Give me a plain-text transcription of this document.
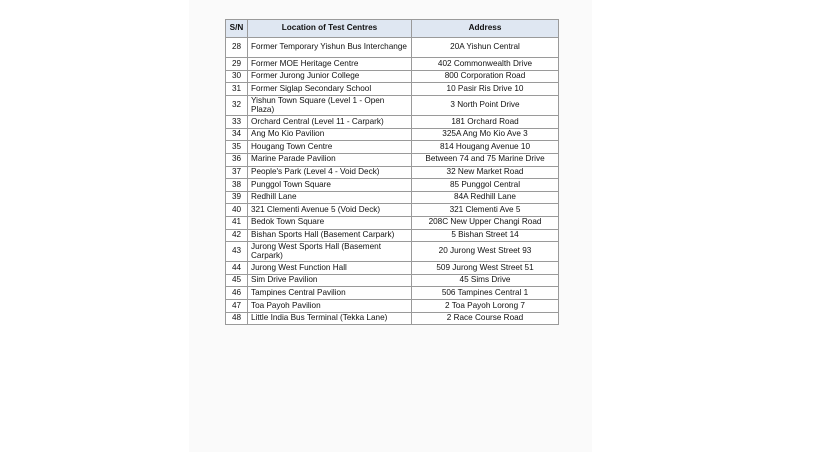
S/N	Location of Test Centres	Address
28	Former Temporary Yishun Bus Interchange	20A Yishun Central
29	Former MOE Heritage Centre	402 Commonwealth Drive
30	Former Jurong Junior College	800 Corporation Road
31	Former Siglap Secondary School	10 Pasir Ris Drive 10
32	Yishun Town Square (Level 1 - Open Plaza)	3 North Point Drive
33	Orchard Central (Level 11 - Carpark)	181 Orchard Road
34	Ang Mo Kio Pavilion	325A Ang Mo Kio Ave 3
35	Hougang Town Centre	814 Hougang Avenue 10
36	Marine Parade Pavilion	Between 74 and 75 Marine Drive
37	People's Park (Level 4 - Void Deck)	32 New Market Road
38	Punggol Town Square	85 Punggol Central
39	Redhill Lane	84A Redhill Lane
40	321 Clementi Avenue 5 (Void Deck)	321 Clementi Ave 5
41	Bedok Town Square	208C New Upper Changi Road
42	Bishan Sports Hall (Basement Carpark)	5 Bishan Street 14
43	Jurong West Sports Hall (Basement Carpark)	20 Jurong West Street 93
44	Jurong West Function Hall	509 Jurong West Street 51
45	Sim Drive Pavilion	45 Sims Drive
46	Tampines Central Pavilion	506 Tampines Central 1
47	Toa Payoh Pavilion	2 Toa Payoh Lorong 7
48	Little India Bus Terminal (Tekka Lane)	2 Race Course Road
